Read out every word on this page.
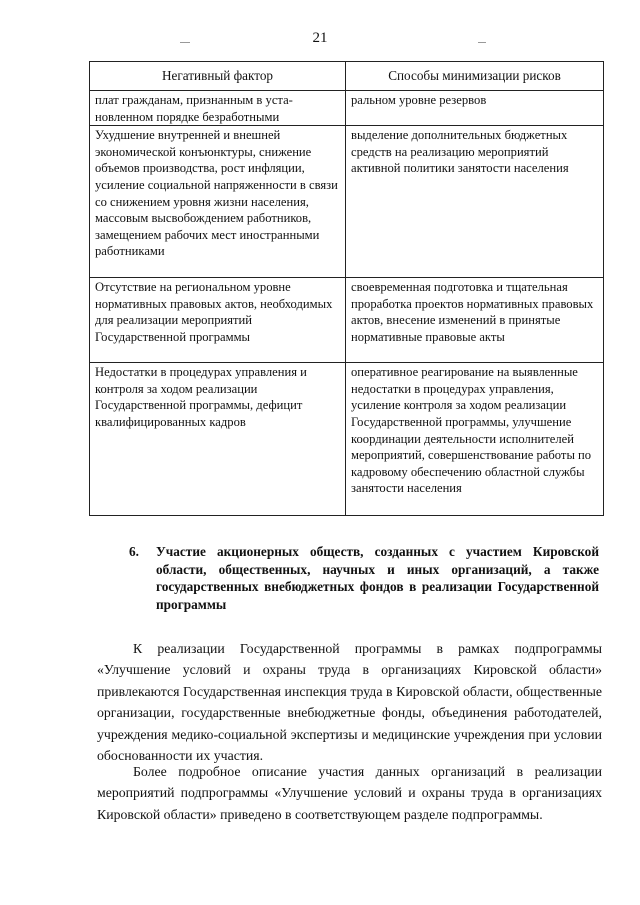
21
Негативный фактор	Способы минимизации рисков
плат гражданам, признанным в установленном порядке безработными	ральном уровне резервов
Ухудшение внутренней и внешней экономической конъюнктуры, снижение объемов производства, рост инфляции, усиление социальной напряженности в связи со снижением уровня жизни населения, массовым высвобождением работников, замещением рабочих мест иностранными работниками	выделение дополнительных бюджетных средств на реализацию мероприятий активной политики занятости населения
Отсутствие на региональном уровне нормативных правовых актов, необходимых для реализации мероприятий Государственной программы	своевременная подготовка и тщательная проработка проектов нормативных правовых актов, внесение изменений в принятые нормативные правовые акты
Недостатки в процедурах управления и контроля за ходом реализации Государственной программы, дефицит квалифицированных кадров	оперативное реагирование на выявленные недостатки в процедурах управления, усиление контроля за ходом реализации Государственной программы, улучшение координации деятельности исполнителей мероприятий, совершенствование работы по кадровому обеспечению областной службы занятости населения
6. Участие акционерных обществ, созданных с участием Кировской области, общественных, научных и иных организаций, а также государственных внебюджетных фондов в реализации Государственной программы

К реализации Государственной программы в рамках подпрограммы «Улучшение условий и охраны труда в организациях Кировской области» привлекаются Государственная инспекция труда в Кировской области, общественные организации, государственные внебюджетные фонды, объединения работодателей, учреждения медико-социальной экспертизы и медицинские учреждения при условии обоснованности их участия.

Более подробное описание участия данных организаций в реализации мероприятий подпрограммы «Улучшение условий и охраны труда в организациях Кировской области» приведено в соответствующем разделе подпрограммы.
